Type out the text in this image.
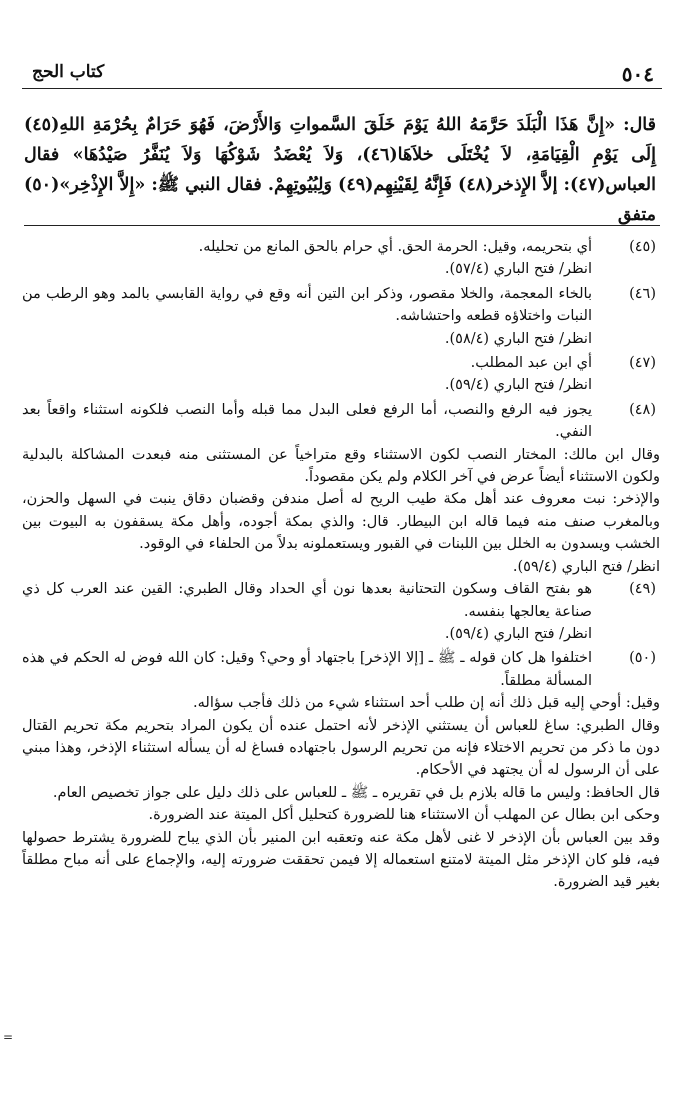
٥٠٤
كتاب الحج
قال: «إِنَّ هَذَا الْبَلَدَ حَرَّمَهُ اللهُ يَوْمَ خَلَقَ السَّمواتِ وَالأَرْضَ، فَهُوَ حَرَامٌ بِحُرْمَةِ اللهِ(٤٥) إِلَى يَوْمِ الْقِيَامَةِ، لاَ يُخْتَلَى خلاَهَا(٤٦)، وَلاَ يُعْضَدُ شَوْكُهَا وَلاَ يُنَفَّرُ صَيْدُهَا» فقال العباس(٤٧): إلاَّ الإِذخر(٤٨) فَإِنَّهُ لِقَيْنِهِم(٤٩) وَلِبُيُوتِهِمْ. فقال النبي ﷺ: «إِلاَّ الإِذْخِر»(٥٠) متفق
(٤٥)

أي بتحريمه، وقيل: الحرمة الحق. أي حرام بالحق المانع من تحليله.

انظر/ فتح الباري (٥٧/٤).

(٤٦)

بالخاء المعجمة، والخلا مقصور، وذكر ابن التين أنه وقع في رواية القابسي بالمد وهو الرطب من النبات واختلاؤه قطعه واحتشاشه.

انظر/ فتح الباري (٥٨/٤).

(٤٧)

أي ابن عبد المطلب.

انظر/ فتح الباري (٥٩/٤).

(٤٨)

يجوز فيه الرفع والنصب، أما الرفع فعلى البدل مما قبله وأما النصب فلكونه استثناء واقعاً بعد النفي.

وقال ابن مالك: المختار النصب لكون الاستثناء وقع متراخياً عن المستثنى منه فبعدت المشاكلة بالبدلية ولكون الاستثناء أيضاً عرض في آخر الكلام ولم يكن مقصوداً.

والإذخر: نبت معروف عند أهل مكة طيب الريح له أصل مندفن وقضبان دقاق ينبت في السهل والحزن، وبالمغرب صنف منه فيما قاله ابن البيطار. قال: والذي بمكة أجوده، وأهل مكة يسقفون به البيوت بين الخشب ويسدون به الخلل بين اللبنات في القبور ويستعملونه بدلاً من الحلفاء في الوقود.

انظر/ فتح الباري (٥٩/٤).

(٤٩)

هو بفتح القاف وسكون التحتانية بعدها نون أي الحداد وقال الطبري: القين عند العرب كل ذي صناعة يعالجها بنفسه.

انظر/ فتح الباري (٥٩/٤).

(٥٠)

اختلفوا هل كان قوله ـ ﷺ ـ [إلا الإذخر] باجتهاد أو وحي؟ وقيل: كان الله فوض له الحكم في هذه المسألة مطلقاً.

وقيل: أوحي إليه قبل ذلك أنه إن طلب أحد استثناء شيء من ذلك فأجب سؤاله.

وقال الطبري: ساغ للعباس أن يستثني الإذخر لأنه احتمل عنده أن يكون المراد بتحريم مكة تحريم القتال دون ما ذكر من تحريم الاختلاء فإنه من تحريم الرسول باجتهاده فساغ له أن يسأله استثناء الإذخر، وهذا مبني على أن الرسول له أن يجتهد في الأحكام.

قال الحافظ: وليس ما قاله بلازم بل في تقريره ـ ﷺ ـ للعباس على ذلك دليل على جواز تخصيص العام.

وحكى ابن بطال عن المهلب أن الاستثناء هنا للضرورة كتحليل أكل الميتة عند الضرورة.

وقد بين العباس بأن الإذخر لا غنى لأهل مكة عنه وتعقبه ابن المنير بأن الذي يباح للضرورة يشترط حصولها فيه، فلو كان الإذخر مثل الميتة لامتنع استعماله إلا فيمن تحققت ضرورته إليه، والإجماع على أنه مباح مطلقاً بغير قيد الضرورة.

=
